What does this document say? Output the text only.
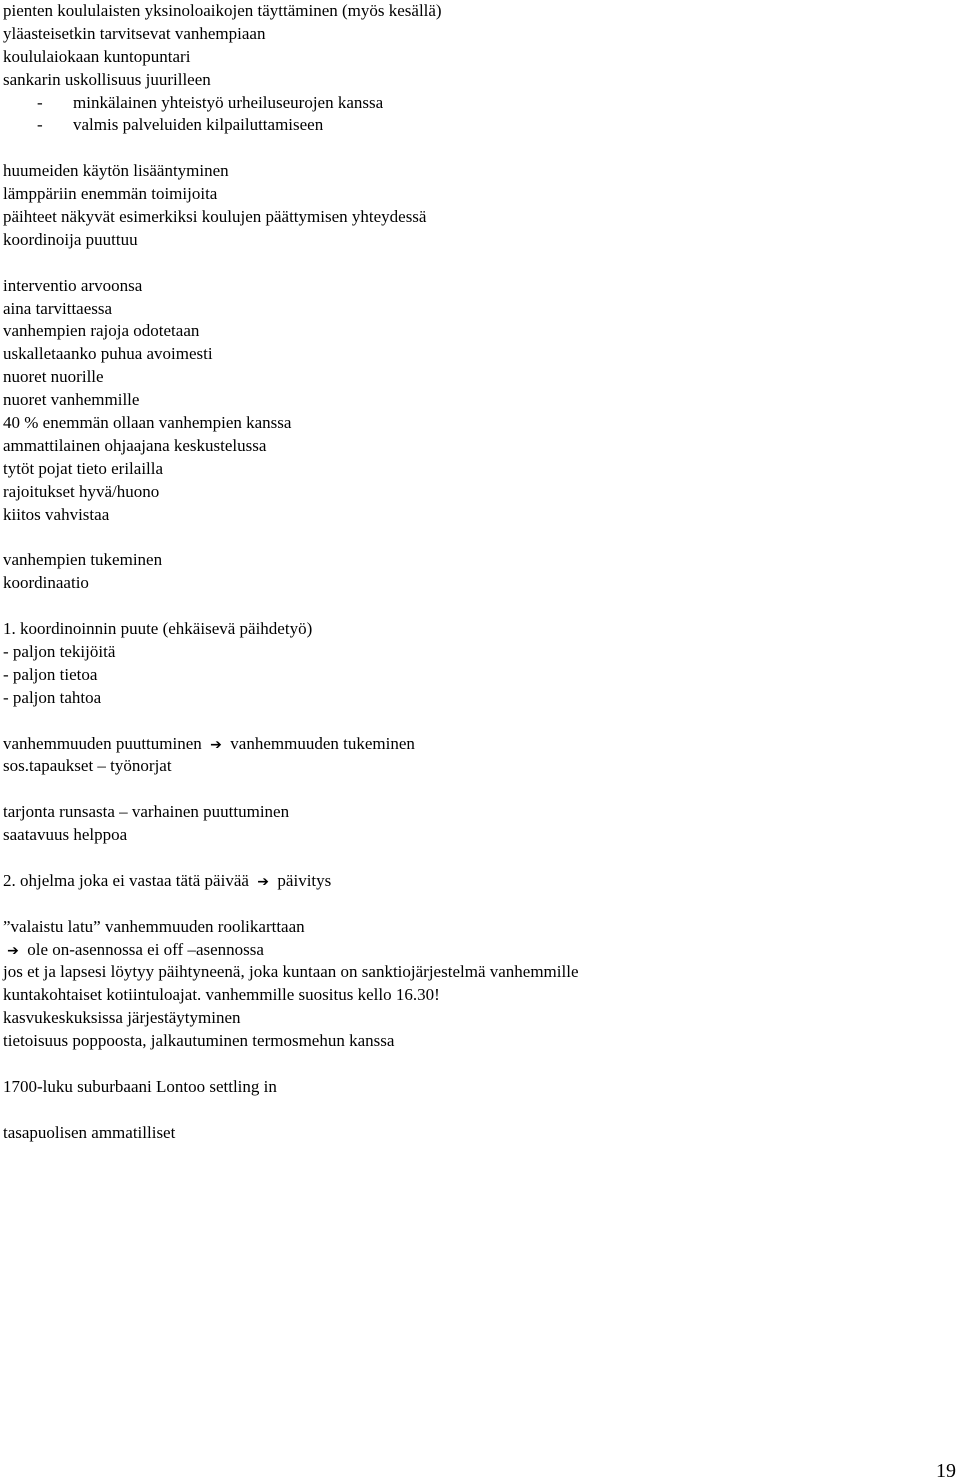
pienten koululaisten yksinoloaikojen täyttäminen (myös kesällä)
yläasteisetkin tarvitsevat vanhempiaan
koululaiokaan kuntopuntari
sankarin uskollisuus juurilleen
- minkälainen yhteistyö urheiluseurojen kanssa
- valmis palveluiden kilpailuttamiseen
huumeiden käytön lisääntyminen
lämppäriin enemmän toimijoita
päihteet näkyvät esimerkiksi koulujen päättymisen yhteydessä
koordinoija puuttuu
interventio arvoonsa
aina tarvittaessa
vanhempien rajoja odotetaan
uskalletaanko puhua avoimesti
nuoret nuorille
nuoret vanhemmille
40 % enemmän ollaan vanhempien kanssa
ammattilainen ohjaajana keskustelussa
tytöt pojat tieto erilailla
rajoitukset hyvä/huono
kiitos vahvistaa
vanhempien tukeminen
koordinaatio
1. koordinoinnin puute (ehkäisevä päihdetyö)
- paljon tekijöitä
- paljon tietoa
- paljon tahtoa
vanhemmuuden puuttuminen ➔ vanhemmuuden tukeminen
sos.tapaukset – työnorjat
tarjonta runsasta – varhainen puuttuminen
saatavuus helppoa
2. ohjelma joka ei vastaa tätä päivää ➔ päivitys
”valaistu latu” vanhemmuuden roolikarttaan
➔ ole on-asennossa ei off –asennossa
jos et ja lapsesi löytyy päihtyneenä, joka kuntaan on sanktiojärjestelmä vanhemmille
kuntakohtaiset kotiintuloajat. vanhemmille suositus kello 16.30!
kasvukeskuksissa järjestäytyminen
tietoisuus poppoosta, jalkautuminen termosmehun kanssa
1700-luku suburbaani Lontoo settling in
tasapuolisen ammatilliset
19
